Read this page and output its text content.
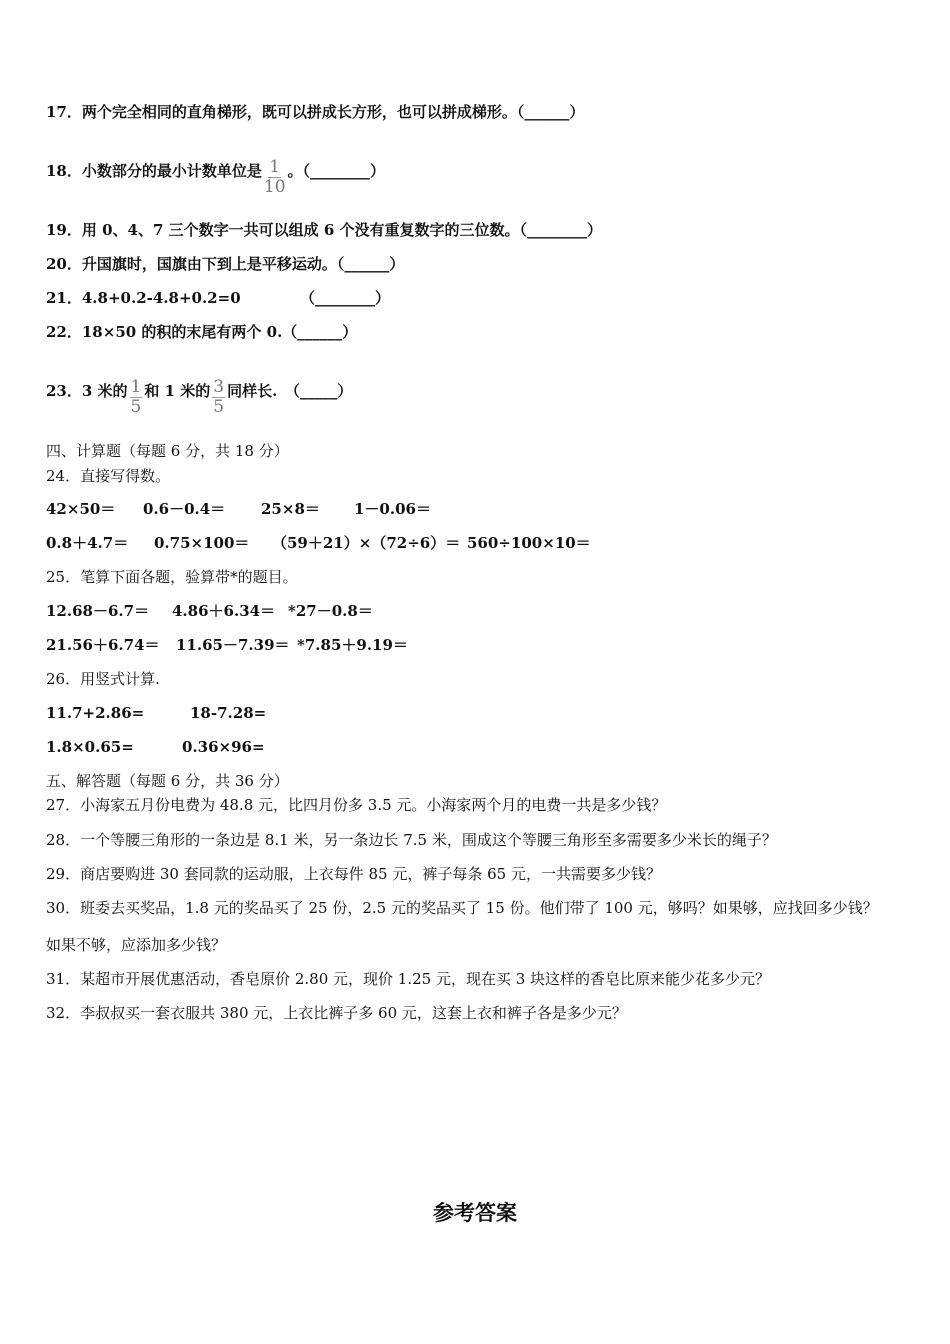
17．两个完全相同的直角梯形，既可以拼成长方形，也可以拼成梯形。（______）
18．小数部分的最小计数单位是 $\frac{1}{10}$ 。（________）
19．用 0、4、7 三个数字一共可以组成 6 个没有重复数字的三位数。（________）
20．升国旗时，国旗由下到上是平移运动。（______）
21．4.8+0.2-4.8+0.2=0	（________）
22．18×50 的积的末尾有两个 0.（______）
23．3 米的 $\frac{1}{5}$ 和 1 米的 $\frac{3}{5}$ 同样长.　（_____）
四、计算题（每题 6 分，共 18 分）
24．直接写得数。
42×50＝ 0.6－0.4＝ 25×8＝ 1－0.06＝
0.8＋4.7＝ 0.75×100＝ （59＋21）×（72÷6）＝ 560÷100×10＝
25．笔算下面各题，验算带*的题目。
12.68－6.7＝ 4.86＋6.34＝ *27－0.8＝
21.56＋6.74＝ 11.65－7.39＝ *7.85＋9.19＝
26．用竖式计算.
11.7+2.86=	18-7.28=
1.8×0.65=	0.36×96=
五、解答题（每题 6 分，共 36 分）
27．小海家五月份电费为 48.8 元，比四月份多 3.5 元。小海家两个月的电费一共是多少钱？
28．一个等腰三角形的一条边是 8.1 米，另一条边长 7.5 米，围成这个等腰三角形至多需要多少米长的绳子？
29．商店要购进 30 套同款的运动服，上衣每件 85 元，裤子每条 65 元，一共需要多少钱？
30．班委去买奖品，1.8 元的奖品买了 25 份，2.5 元的奖品买了 15 份。他们带了 100 元，够吗？如果够，应找回多少钱？
如果不够，应添加多少钱？
31．某超市开展优惠活动，香皂原价 2.80 元，现价 1.25 元，现在买 3 块这样的香皂比原来能少花多少元？
32．李叔叔买一套衣服共 380 元，上衣比裤子多 60 元，这套上衣和裤子各是多少元？
参考答案
